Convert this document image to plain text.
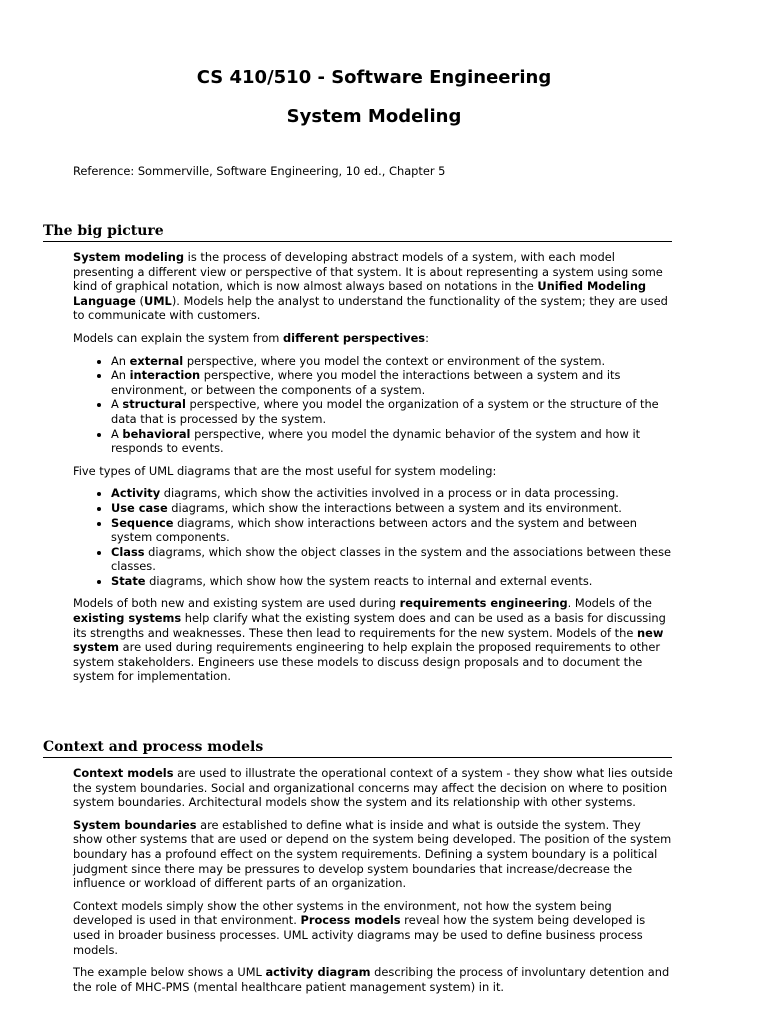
CS 410/510 - Software Engineering
System Modeling
Reference: Sommerville, Software Engineering, 10 ed., Chapter 5
The big picture

System modeling is the process of developing abstract models of a system, with each model presenting a different view or perspective of that system. It is about representing a system using some kind of graphical notation, which is now almost always based on notations in the Unified Modeling Language (UML). Models help the analyst to understand the functionality of the system; they are used to communicate with customers.

Models can explain the system from different perspectives:

• An external perspective, where you model the context or environment of the system.
• An interaction perspective, where you model the interactions between a system and its environment, or between the components of a system.
• A structural perspective, where you model the organization of a system or the structure of the data that is processed by the system.
• A behavioral perspective, where you model the dynamic behavior of the system and how it responds to events.

Five types of UML diagrams that are the most useful for system modeling:

• Activity diagrams, which show the activities involved in a process or in data processing.
• Use case diagrams, which show the interactions between a system and its environment.
• Sequence diagrams, which show interactions between actors and the system and between system components.
• Class diagrams, which show the object classes in the system and the associations between these classes.
• State diagrams, which show how the system reacts to internal and external events.

Models of both new and existing system are used during requirements engineering. Models of the existing systems help clarify what the existing system does and can be used as a basis for discussing its strengths and weaknesses. These then lead to requirements for the new system. Models of the new system are used during requirements engineering to help explain the proposed requirements to other system stakeholders. Engineers use these models to discuss design proposals and to document the system for implementation.

Context and process models

Context models are used to illustrate the operational context of a system - they show what lies outside the system boundaries. Social and organizational concerns may affect the decision on where to position system boundaries. Architectural models show the system and its relationship with other systems.

System boundaries are established to define what is inside and what is outside the system. They show other systems that are used or depend on the system being developed. The position of the system boundary has a profound effect on the system requirements. Defining a system boundary is a political judgment since there may be pressures to develop system boundaries that increase/decrease the influence or workload of different parts of an organization.

Context models simply show the other systems in the environment, not how the system being developed is used in that environment. Process models reveal how the system being developed is used in broader business processes. UML activity diagrams may be used to define business process models.

The example below shows a UML activity diagram describing the process of involuntary detention and the role of MHC-PMS (mental healthcare patient management system) in it.
